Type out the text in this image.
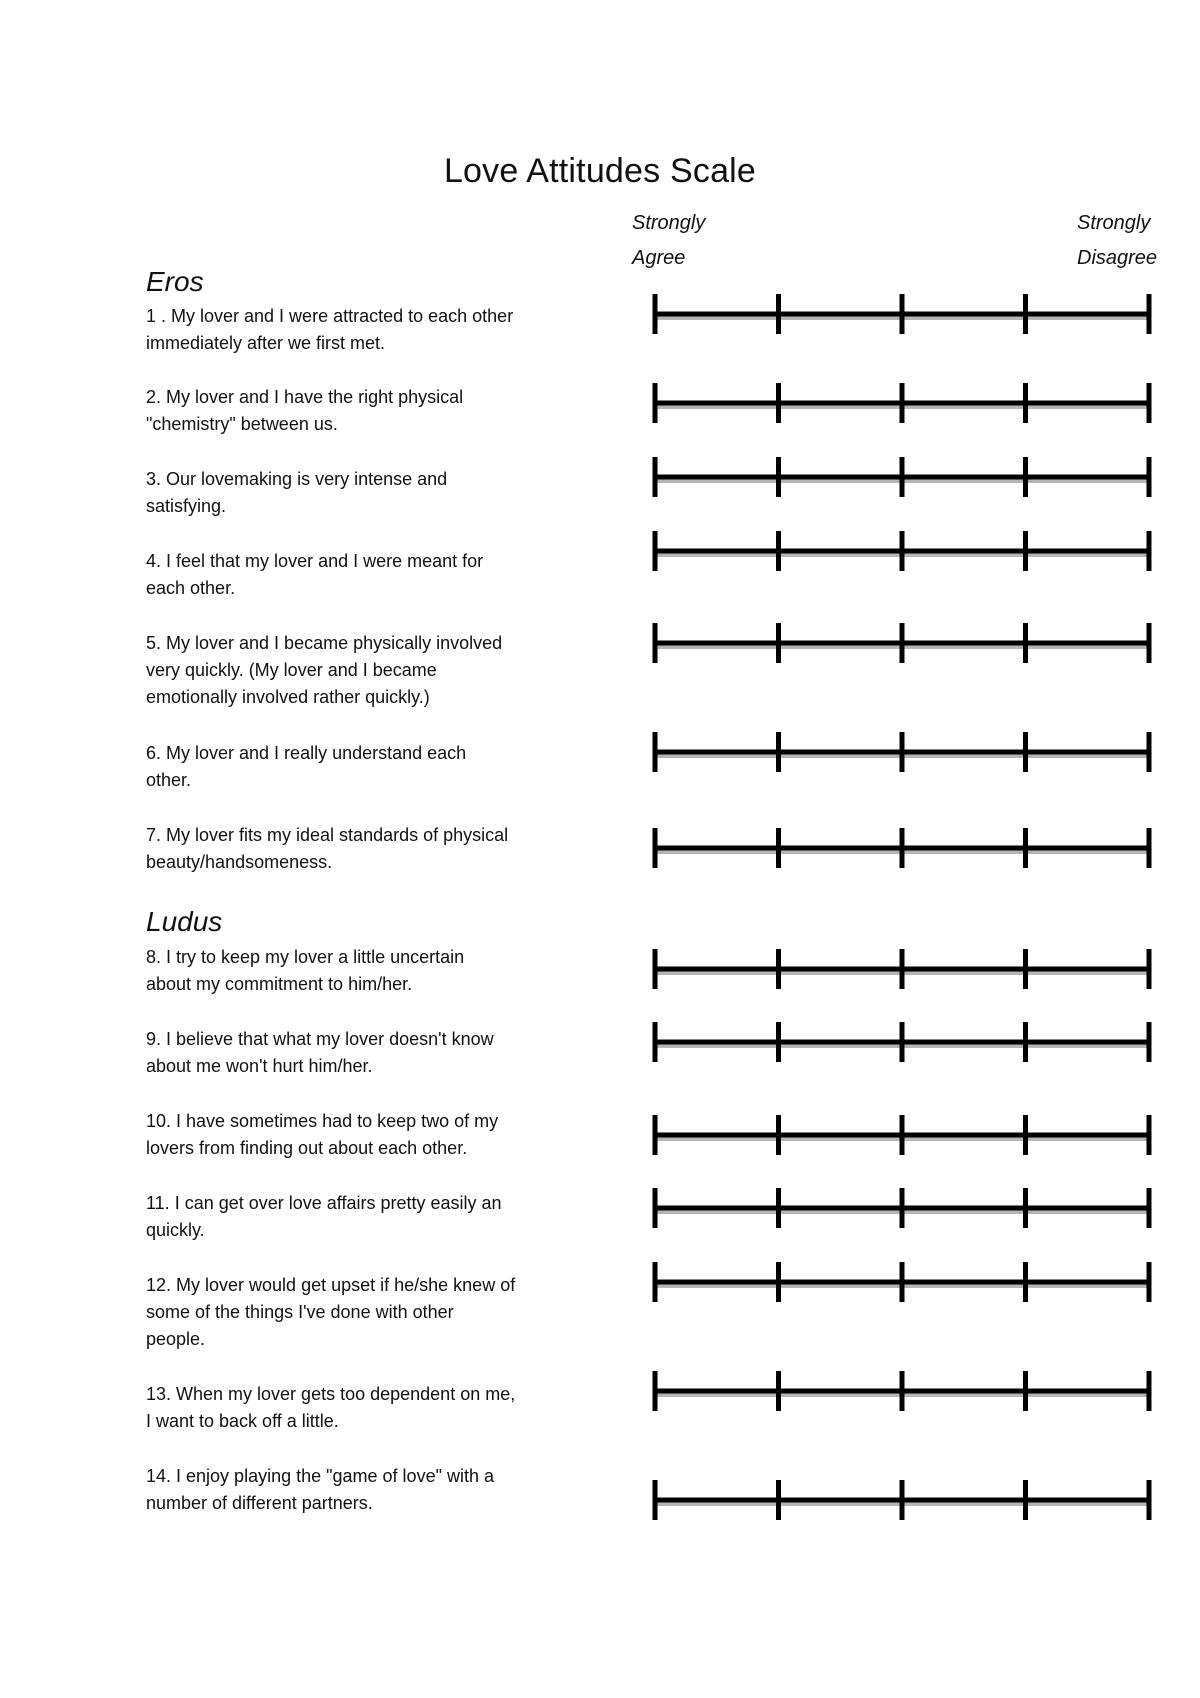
Love Attitudes Scale
Strongly
Agree
Strongly
Disagree
Eros
1 . My lover and I were attracted to each other
immediately after we first met.
2. My lover and I have the right physical
"chemistry" between us.
3. Our lovemaking is very intense and
satisfying.
4. I feel that my lover and I were meant for
each other.
5. My lover and I became physically involved
very quickly. (My lover and I became
emotionally involved rather quickly.)
6. My lover and I really understand each
other.
7. My lover fits my ideal standards of physical
beauty/handsomeness.
Ludus
8. I try to keep my lover a little uncertain
about my commitment to him/her.
9. I believe that what my lover doesn't know
about me won't hurt him/her.
10. I have sometimes had to keep two of my
lovers from finding out about each other.
11. I can get over love affairs pretty easily an
quickly.
12. My lover would get upset if he/she knew of
some of the things I've done with other
people.
13. When my lover gets too dependent on me,
I want to back off a little.
14. I enjoy playing the "game of love" with a
number of different partners.
